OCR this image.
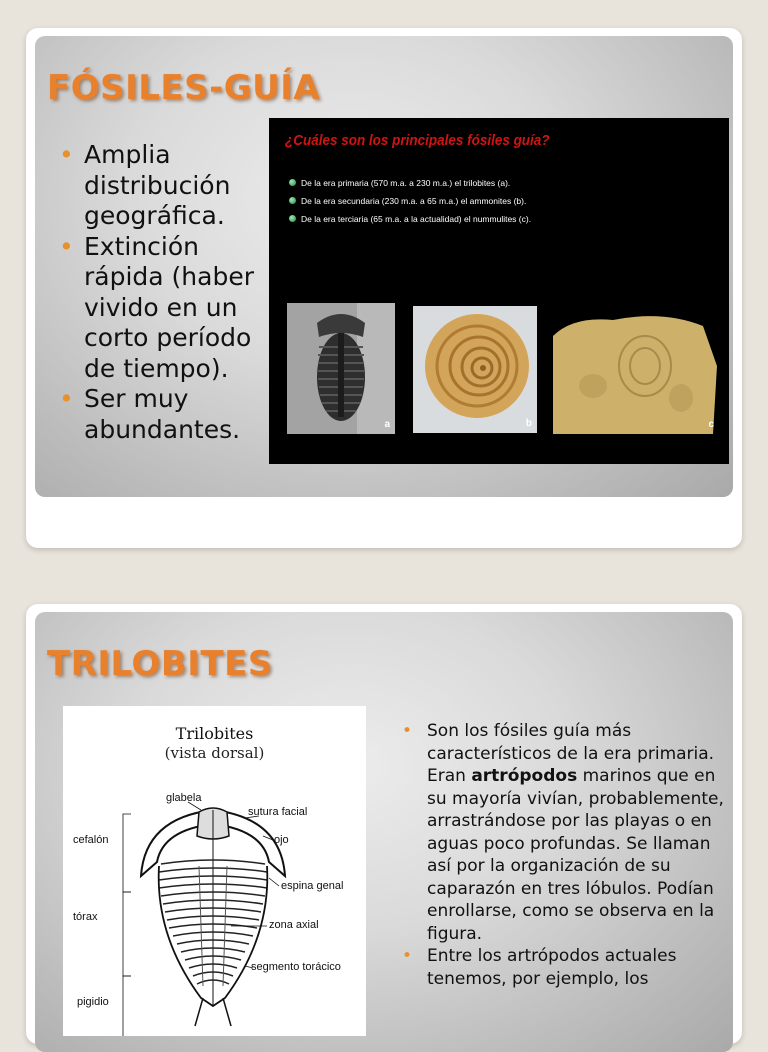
FÓSILES-GUÍA
• Amplia distribución geográfica.
• Extinción rápida (haber vivido en un corto período de tiempo).
• Ser muy abundantes.
¿Cuáles son los principales fósiles guía?
De la era primaria (570 m.a. a 230 m.a.) el trilobites (a).
De la era secundaria (230 m.a. a 65 m.a.) el ammonites (b).
De la era terciaria (65 m.a. a la actualidad) el nummulites (c).
a	b	c
TRILOBITES
Trilobites
(vista dorsal)
glabela
sutura facial
ojo
cefalón
espina genal
tórax
zona axial
segmento torácico
pigidio
• Son los fósiles guía más característicos de la era primaria. Eran artrópodos marinos que en su mayoría vivían, probablemente, arrastrándose por las playas o en aguas poco profundas. Se llaman así por la organización de su caparazón en tres lóbulos. Podían enrollarse, como se observa en la figura.
• Entre los artrópodos actuales tenemos, por ejemplo, los
